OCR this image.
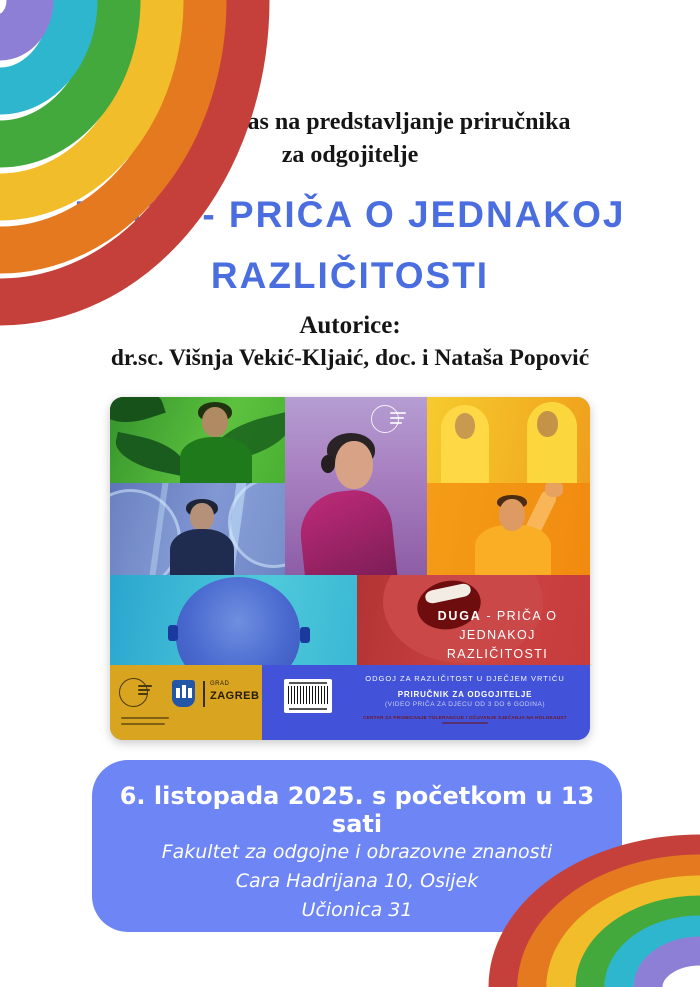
Pozivamo vas na predstavljanje priručnika
za odgojitelje
DUGA - PRIČA O JEDNAKOJ
RAZLIČITOSTI
Autorice:
dr.sc. Višnja Vekić-Kljaić, doc. i Nataša Popović
DUGA - PRIČA O
JEDNAKOJ RAZLIČITOSTI
GRAD
ZAGREB
ODGOJ ZA RAZLIČITOST U DJEČJEM VRTIĆU
PRIRUČNIK ZA ODGOJITELJE
(VIDEO PRIČA ZA DJECU OD 3 DO 6 GODINA)
CENTAR ZA PROMICANJE TOLERANCIJE I OČUVANJE SJEĆANJA NA HOLOKAUST
6. listopada 2025. s početkom u 13 sati
Fakultet za odgojne i obrazovne znanosti
Cara Hadrijana 10, Osijek
Učionica 31
